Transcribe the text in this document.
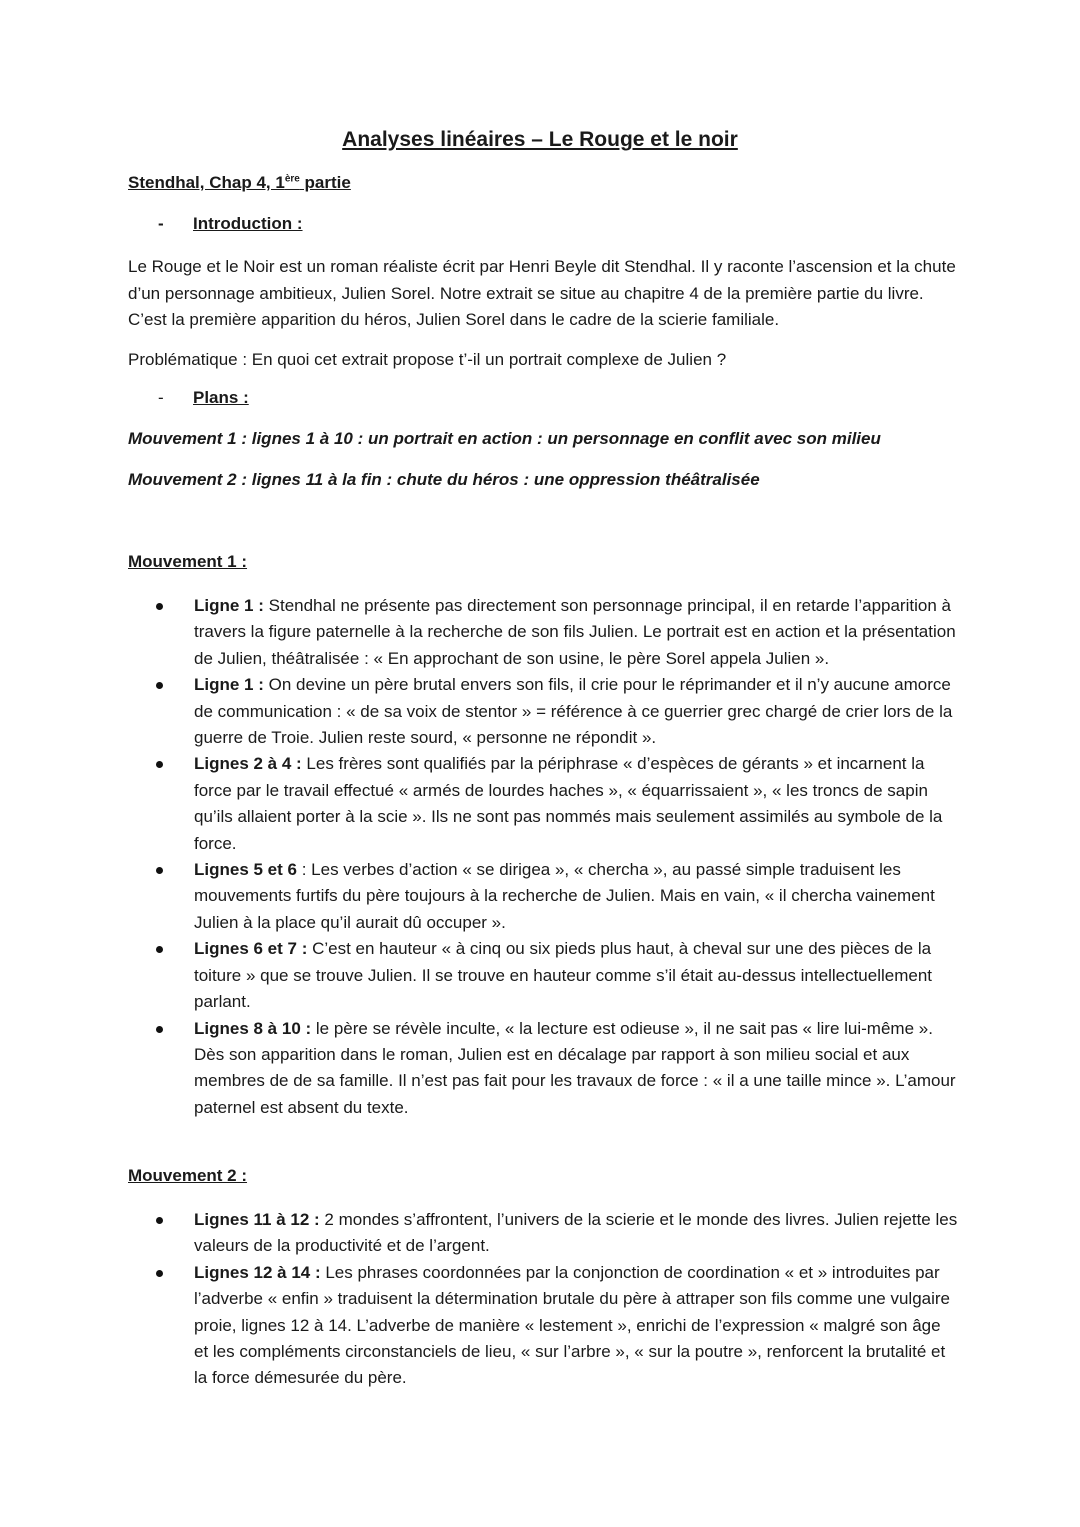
Analyses linéaires – Le Rouge et le noir

Stendhal, Chap 4, 1ère partie

- Introduction :

Le Rouge et le Noir est un roman réaliste écrit par Henri Beyle dit Stendhal. Il y raconte l’ascension et la chute d’un personnage ambitieux, Julien Sorel. Notre extrait se situe au chapitre 4 de la première partie du livre. C’est la première apparition du héros, Julien Sorel dans le cadre de la scierie familiale.

Problématique : En quoi cet extrait propose t’-il un portrait complexe de Julien ?

- Plans :

Mouvement 1 : lignes 1 à 10 : un portrait en action : un personnage en conflit avec son milieu

Mouvement 2 : lignes 11 à la fin : chute du héros : une oppression théâtralisée

Mouvement 1 :

Ligne 1 : Stendhal ne présente pas directement son personnage principal, il en retarde l’apparition à travers la figure paternelle à la recherche de son fils Julien. Le portrait est en action et la présentation de Julien, théâtralisée : « En approchant de son usine, le père Sorel appela Julien ».
Ligne 1 : On devine un père brutal envers son fils, il crie pour le réprimander et il n’y aucune amorce de communication : « de sa voix de stentor » = référence à ce guerrier grec chargé de crier lors de la guerre de Troie. Julien reste sourd, « personne ne répondit ».
Lignes 2 à 4 : Les frères sont qualifiés par la périphrase « d’espèces de gérants » et incarnent la force par le travail effectué « armés de lourdes haches », « équarrissaient », « les troncs de sapin qu’ils allaient porter à la scie ». Ils ne sont pas nommés mais seulement assimilés au symbole de la force.
Lignes 5 et 6 : Les verbes d’action « se dirigea », « chercha », au passé simple traduisent les mouvements furtifs du père toujours à la recherche de Julien. Mais en vain, « il chercha vainement Julien à la place qu’il aurait dû occuper ».
Lignes 6 et 7 : C’est en hauteur « à cinq ou six pieds plus haut, à cheval sur une des pièces de la toiture » que se trouve Julien. Il se trouve en hauteur comme s’il était au-dessus intellectuellement parlant.
Lignes 8 à 10 : le père se révèle inculte, « la lecture est odieuse », il ne sait pas « lire lui-même ». Dès son apparition dans le roman, Julien est en décalage par rapport à son milieu social et aux membres de de sa famille. Il n’est pas fait pour les travaux de force : « il a une taille mince ». L’amour paternel est absent du texte.

Mouvement 2 :

Lignes 11 à 12 : 2 mondes s’affrontent, l’univers de la scierie et le monde des livres. Julien rejette les valeurs de la productivité et de l’argent.
Lignes 12 à 14 : Les phrases coordonnées par la conjonction de coordination « et » introduites par l’adverbe « enfin » traduisent la détermination brutale du père à attraper son fils comme une vulgaire proie, lignes 12 à 14. L’adverbe de manière « lestement », enrichi de l’expression « malgré son âge et les compléments circonstanciels de lieu, « sur l’arbre », « sur la poutre », renforcent la brutalité et la force démesurée du père.
